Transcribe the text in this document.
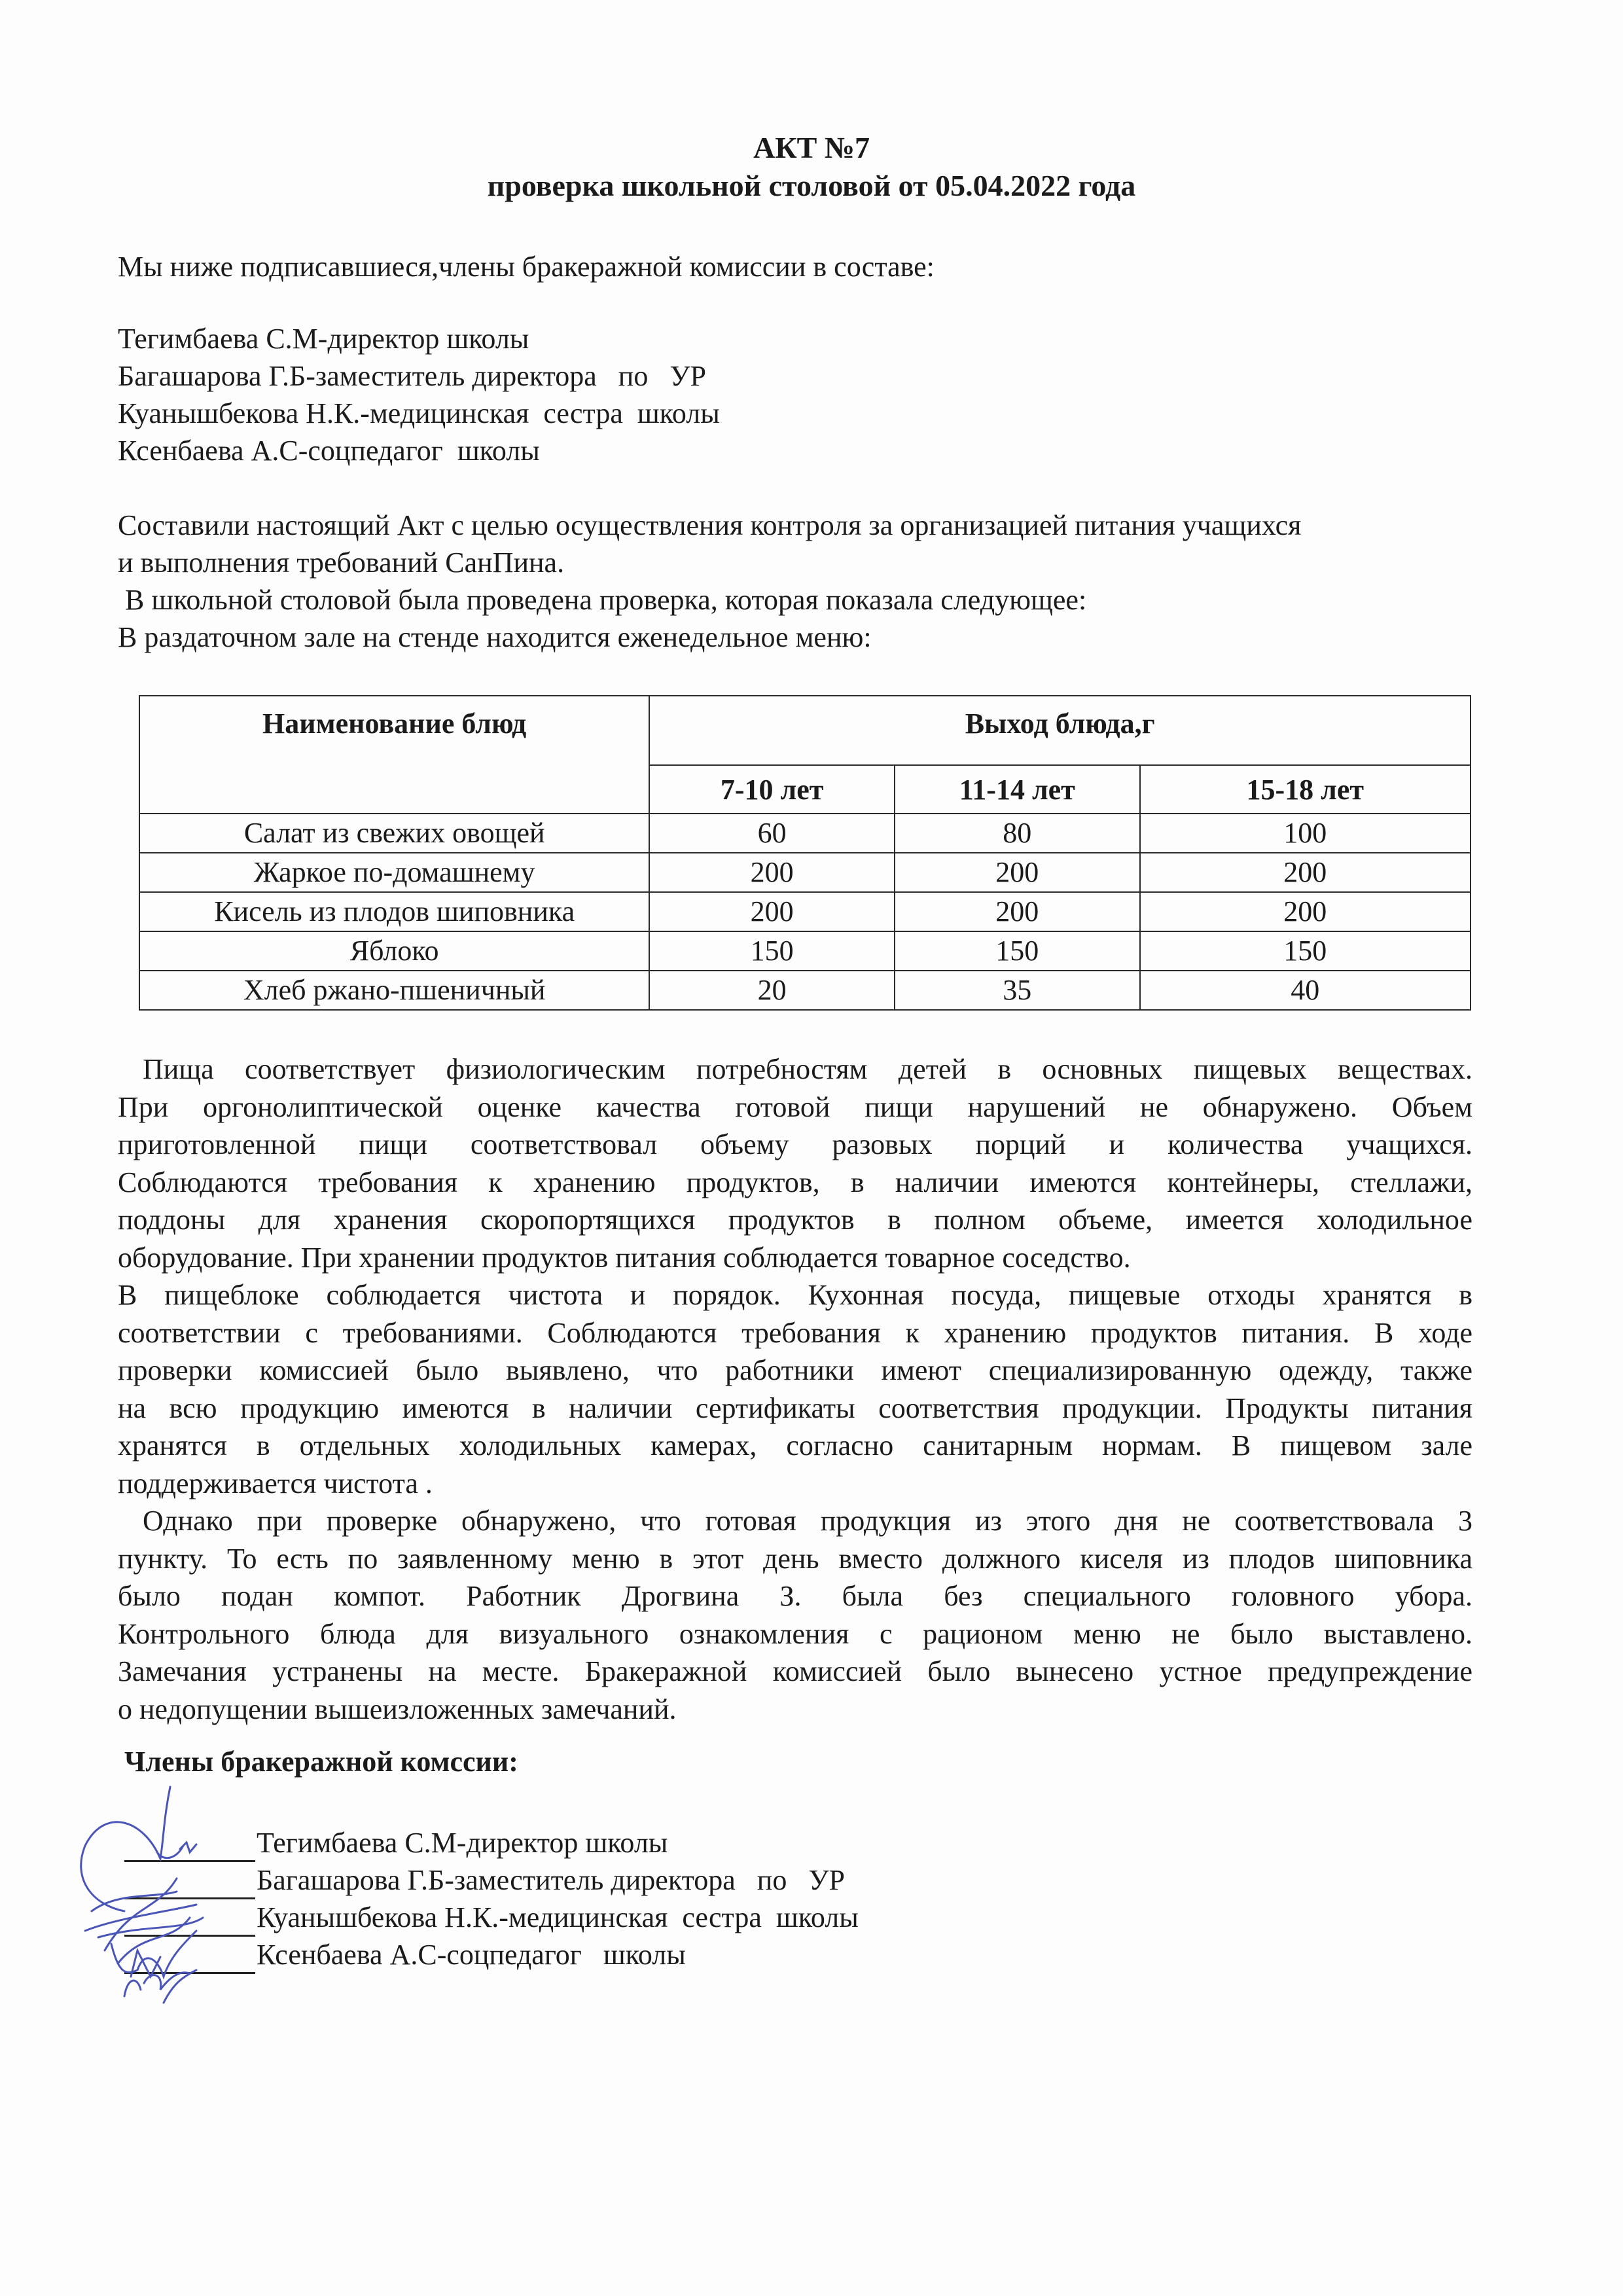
АКТ №7
проверка школьной столовой от 05.04.2022 года
Мы ниже подписавшиеся,члены бракеражной комиссии в составе:
Тегимбаева С.М-директор школы
Багашарова Г.Б-заместитель директора   по   УР
Куанышбекова Н.К.-медицинская  сестра  школы
Ксенбаева А.С-соцпедагог  школы
Составили настоящий Акт с целью осуществления контроля за организацией питания учащихся
и выполнения требований СанПина.
В школьной столовой была проведена проверка, которая показала следующее:
В раздаточном зале на стенде находится еженедельное меню:
Наименование блюд	Выход блюда,г		
	7-10 лет	11-14 лет	15-18 лет
Салат из свежих овощей	60	80	100
Жаркое по-домашнему	200	200	200
Кисель из плодов шиповника	200	200	200
Яблоко	150	150	150
Хлеб ржано-пшеничный	20	35	40
Пища соответствует физиологическим потребностям детей в основных пищевых веществах.
При оргонолиптической оценке качества готовой пищи нарушений не обнаружено. Объем
приготовленной пищи соответствовал объему разовых порций и количества учащихся.
Соблюдаются требования к хранению продуктов, в наличии имеются контейнеры, стеллажи,
поддоны для хранения скоропортящихся продуктов в полном объеме, имеется холодильное
оборудование. При хранении продуктов питания соблюдается товарное соседство.
В пищеблоке соблюдается чистота и порядок. Кухонная посуда, пищевые отходы хранятся в
соответствии с требованиями. Соблюдаются требования к хранению продуктов питания. В ходе
проверки комиссией было выявлено, что работники имеют специализированную одежду, также
на всю продукцию имеются в наличии сертификаты соответствия продукции. Продукты питания
хранятся в отдельных холодильных камерах, согласно санитарным нормам. В пищевом зале
поддерживается чистота .
Однако при проверке обнаружено, что готовая продукция из этого дня не соответствовала 3
пункту. То есть по заявленному меню в этот день вместо должного киселя из плодов шиповника
было подан компот. Работник Дрогвина З. была без специального головного убора.
Контрольного блюда для визуального ознакомления с рационом меню не было выставлено.
Замечания устранены на месте. Бракеражной комиссией было вынесено устное предупреждение
о недопущении вышеизложенных замечаний.
Члены бракеражной комсcии:
Тегимбаева С.М-директор школы
Багашарова Г.Б-заместитель директора   по   УР
Куанышбекова Н.К.-медицинская  сестра  школы
Ксенбаева А.С-соцпедагог   школы
